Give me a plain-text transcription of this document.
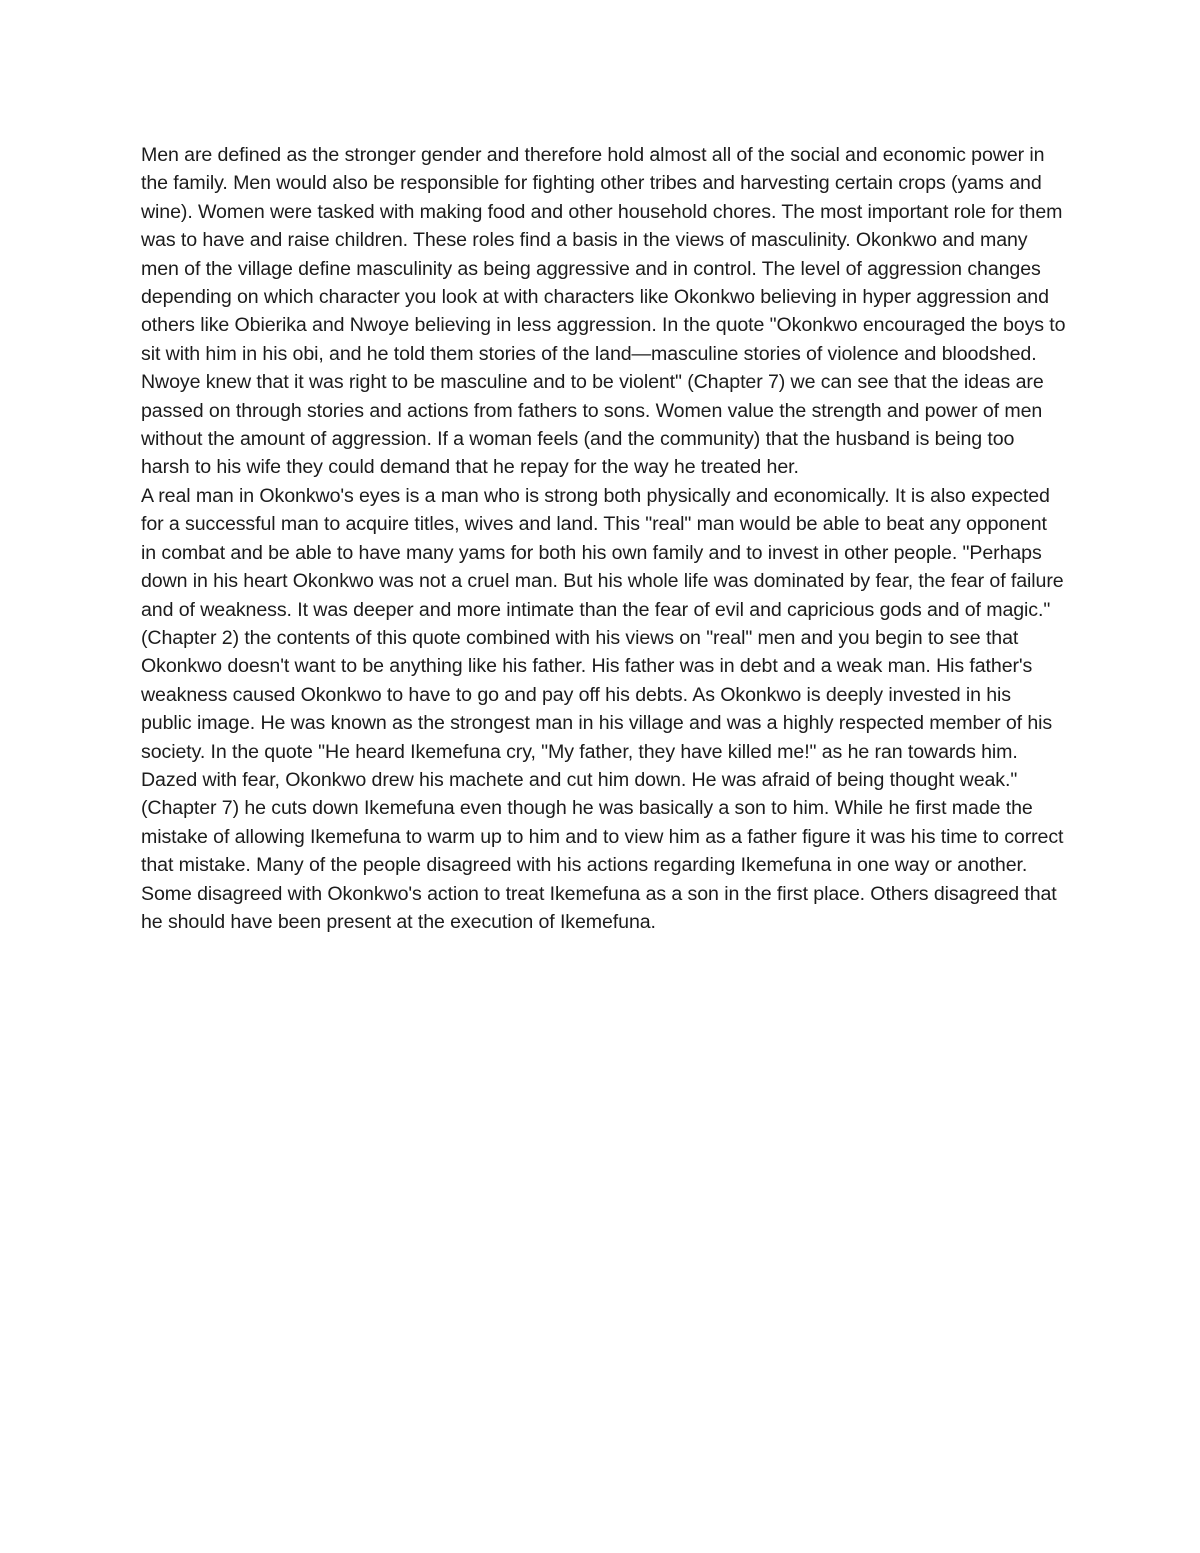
Men are defined as the stronger gender and therefore hold almost all of the social and economic power in the family. Men would also be responsible for fighting other tribes and harvesting certain crops (yams and wine). Women were tasked with making food and other household chores. The most important role for them was to have and raise children. These roles find a basis in the views of masculinity. Okonkwo and many men of the village define masculinity as being aggressive and in control. The level of aggression changes depending on which character you look at with characters like Okonkwo believing in hyper aggression and others like Obierika and Nwoye believing in less aggression. In the quote "Okonkwo encouraged the boys to sit with him in his obi, and he told them stories of the land—masculine stories of violence and bloodshed. Nwoye knew that it was right to be masculine and to be violent" (Chapter 7) we can see that the ideas are passed on through stories and actions from fathers to sons. Women value the strength and power of men without the amount of aggression. If a woman feels (and the community) that the husband is being too harsh to his wife they could demand that he repay for the way he treated her.

A real man in Okonkwo's eyes is a man who is strong both physically and economically. It is also expected for a successful man to acquire titles, wives and land. This "real" man would be able to beat any opponent in combat and be able to have many yams for both his own family and to invest in other people. "Perhaps down in his heart Okonkwo was not a cruel man. But his whole life was dominated by fear, the fear of failure and of weakness. It was deeper and more intimate than the fear of evil and capricious gods and of magic."(Chapter 2) the contents of this quote combined with his views on "real" men and you begin to see that Okonkwo doesn't want to be anything like his father. His father was in debt and a weak man. His father's weakness caused Okonkwo to have to go and pay off his debts. As Okonkwo is deeply invested in his public image. He was known as the strongest man in his village and was a highly respected member of his society. In the quote "He heard Ikemefuna cry, "My father, they have killed me!" as he ran towards him. Dazed with fear, Okonkwo drew his machete and cut him down. He was afraid of being thought weak." (Chapter 7) he cuts down Ikemefuna even though he was basically a son to him. While he first made the mistake of allowing Ikemefuna to warm up to him and to view him as a father figure it was his time to correct that mistake. Many of the people disagreed with his actions regarding Ikemefuna in one way or another. Some disagreed with Okonkwo's action to treat Ikemefuna as a son in the first place. Others disagreed that he should have been present at the execution of Ikemefuna.
